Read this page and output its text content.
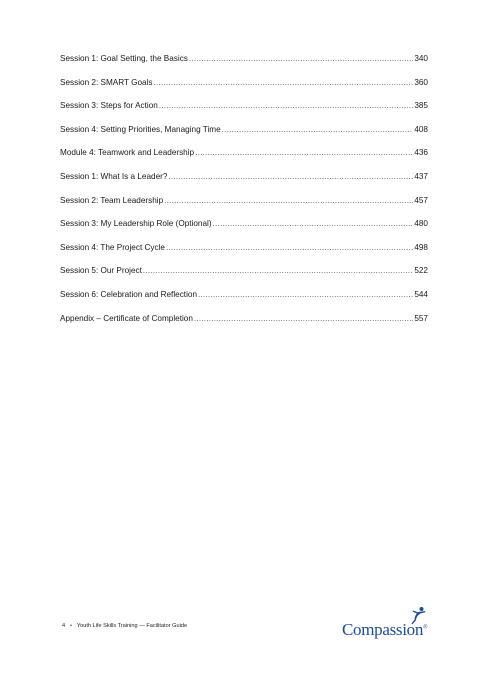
Session 1: Goal Setting, the Basics .....	340
Session 2: SMART Goals .....	360
Session 3: Steps for Action .....	385
Session 4: Setting Priorities, Managing Time .....	408
Module 4: Teamwork and Leadership .....	436
Session 1: What Is a Leader? .....	437
Session 2: Team Leadership .....	457
Session 3: My Leadership Role (Optional) .....	480
Session 4: The Project Cycle .....	498
Session 5: Our Project .....	522
Session 6: Celebration and Reflection .....	544
Appendix – Certificate of Completion .....	557
4 • Youth Life Skills Training — Facilitator Guide	Compassion®
